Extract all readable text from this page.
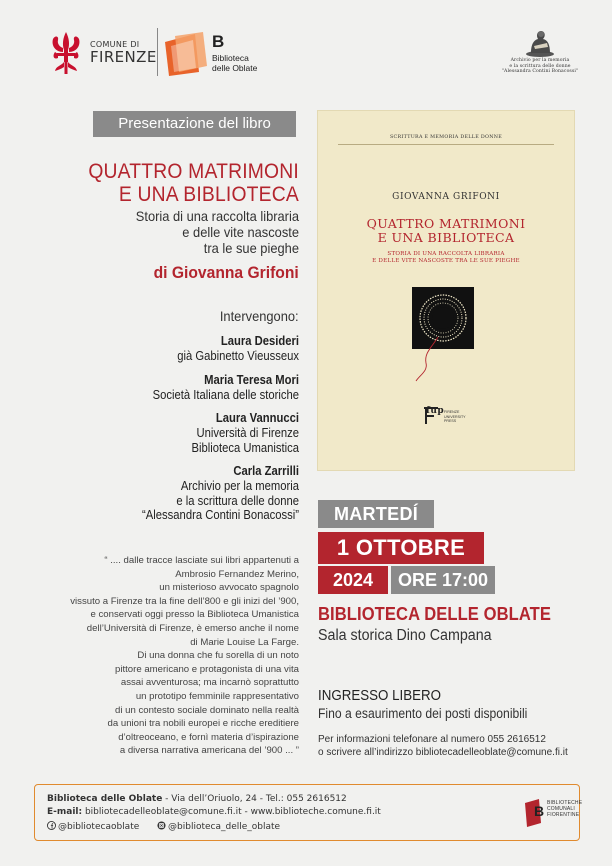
COMUNE DI
FIRENZE
B
Biblioteca
delle Oblate
Archivio per la memoria
e la scrittura delle donne
"Alessandra Contini Bonacossi"
Presentazione del libro
QUATTRO MATRIMONI
E UNA BIBLIOTECA
Storia di una raccolta libraria
e delle vite nascoste
tra le sue pieghe
di Giovanna Grifoni
Intervengono:
Laura Desideri
già Gabinetto Vieusseux
Maria Teresa Mori
Società Italiana delle storiche
Laura Vannucci
Università di Firenze
Biblioteca Umanistica
Carla Zarrilli
Archivio per la memoria
e la scrittura delle donne
“Alessandra Contini Bonacossi”

“ .... dalle tracce lasciate sui libri appartenuti a
Ambrosio Fernandez Merino,
un misterioso avvocato spagnolo
vissuto a Firenze tra la fine dell’800 e gli inizi del ’900,
e conservati oggi presso la Biblioteca Umanistica
dell’Università di Firenze, è emerso anche il nome
di Marie Louise La Farge.

Di una donna che fu sorella di un noto
pittore americano e protagonista di una vita
assai avventurosa; ma incarnò soprattutto
un prototipo femminile rappresentativo
di un contesto sociale dominato nella realtà
da unioni tra nobili europei e ricche ereditiere
d’oltreoceano, e fornì materia d’ispirazione
a diversa narrativa americana del ’900 ... ”

SCRITTURA E MEMORIA DELLE DONNE
GIOVANNA GRIFONI
QUATTRO MATRIMONI
E UNA BIBLIOTECA
STORIA DI UNA RACCOLTA LIBRARIA
E DELLE VITE NASCOSTE TRA LE SUE PIEGHE
fup FIRENZE
UNIVERSITY
PRESS
MARTEDÍ
1 OTTOBRE
2024	ORE 17:00
BIBLIOTECA DELLE OBLATE
Sala storica Dino Campana
INGRESSO LIBERO
Fino a esaurimento dei posti disponibili
Per informazioni telefonare al numero 055 2616512
o scrivere all’indirizzo bibliotecadelleoblate@comune.fi.it
Biblioteca delle Oblate - Via dell’Oriuolo, 24 - Tel.: 055 2616512
E-mail: bibliotecadelleoblate@comune.fi.it - www.biblioteche.comune.fi.it
@bibliotecaoblate	@biblioteca_delle_oblate
B BIBLIOTECHE
COMUNALI
FIORENTINE
